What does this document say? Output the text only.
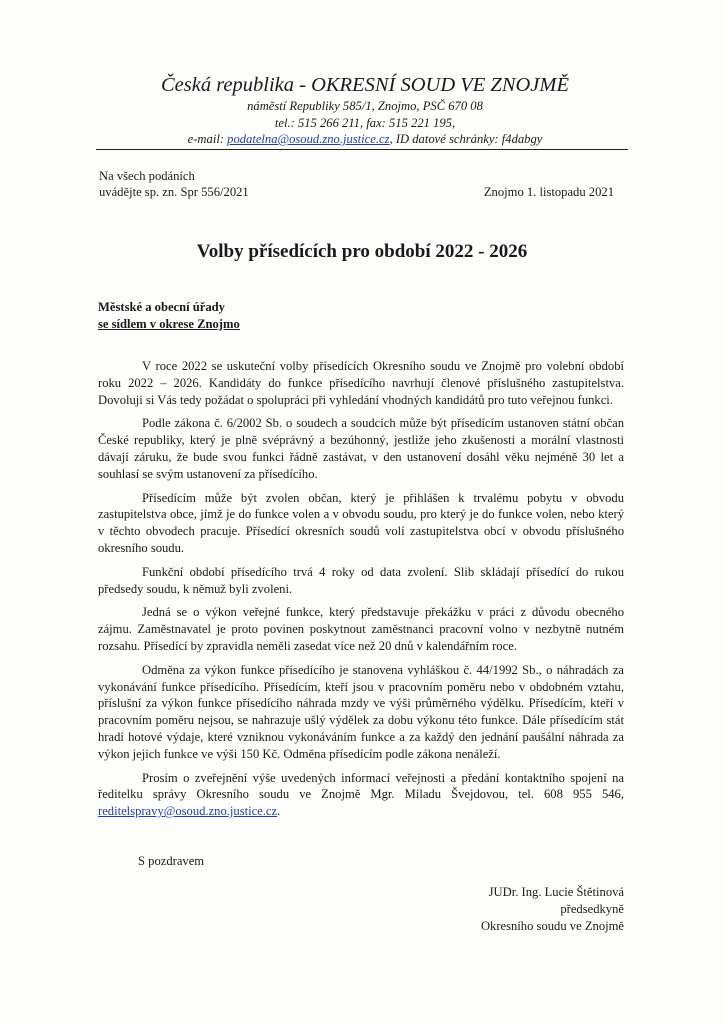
Česká republika - OKRESNÍ SOUD VE ZNOJMĚ
náměstí Republiky 585/1, Znojmo, PSČ 670 08
tel.: 515 266 211, fax: 515 221 195,
e-mail: podatelna@osoud.zno.justice.cz, ID datové schránky: f4dabgy
Na všech podáních
uvádějte sp. zn. Spr 556/2021	Znojmo 1. listopadu 2021
Volby přísedících pro období 2022 - 2026
Městské a obecní úřady
se sídlem v okrese Znojmo

V roce 2022 se uskuteční volby přísedících Okresního soudu ve Znojmě pro volební období roku 2022 – 2026. Kandidáty do funkce přísedícího navrhují členové příslušného zastupitelstva. Dovoluji si Vás tedy požádat o spolupráci při vyhledání vhodných kandidátů pro tuto veřejnou funkci.

Podle zákona č. 6/2002 Sb. o soudech a soudcích může být přísedícím ustanoven státní občan České republiky, který je plně svéprávný a bezúhonný, jestliže jeho zkušenosti a morální vlastnosti dávají záruku, že bude svou funkci řádně zastávat, v den ustanovení dosáhl věku nejméně 30 let a souhlasí se svým ustanovení za přísedícího.

Přísedícím může být zvolen občan, který je přihlášen k trvalému pobytu v obvodu zastupitelstva obce, jímž je do funkce volen a v obvodu soudu, pro který je do funkce volen, nebo který v těchto obvodech pracuje. Přísedící okresních soudů volí zastupitelstva obcí v obvodu příslušného okresního soudu.

Funkční období přísedícího trvá 4 roky od data zvolení. Slib skládají přísedící do rukou předsedy soudu, k němuž byli zvoleni.

Jedná se o výkon veřejné funkce, který představuje překážku v práci z důvodu obecného zájmu. Zaměstnavatel je proto povinen poskytnout zaměstnanci pracovní volno v nezbytně nutném rozsahu. Přísedící by zpravidla neměli zasedat více než 20 dnů v kalendářním roce.

Odměna za výkon funkce přísedícího je stanovena vyhláškou č. 44/1992 Sb., o náhradách za vykonávání funkce přísedícího. Přísedícím, kteří jsou v pracovním poměru nebo v obdobném vztahu, příslušní za výkon funkce přísedícího náhrada mzdy ve výši průměrného výdělku. Přísedícím, kteří v pracovním poměru nejsou, se nahrazuje ušlý výdělek za dobu výkonu této funkce. Dále přísedícím stát hradí hotové výdaje, které vzniknou vykonáváním funkce a za každý den jednání paušální náhrada za výkon jejich funkce ve výši 150 Kč. Odměna přísedícím podle zákona nenáleží.

Prosím o zveřejnění výše uvedených informací veřejnosti a předání kontaktního spojení na ředitelku správy Okresního soudu ve Znojmě Mgr. Miladu Švejdovou, tel. 608 955 546, reditelspravy@osoud.zno.justice.cz.

S pozdravem
JUDr. Ing. Lucie Štětinová
předsedkyně
Okresního soudu ve Znojmě
